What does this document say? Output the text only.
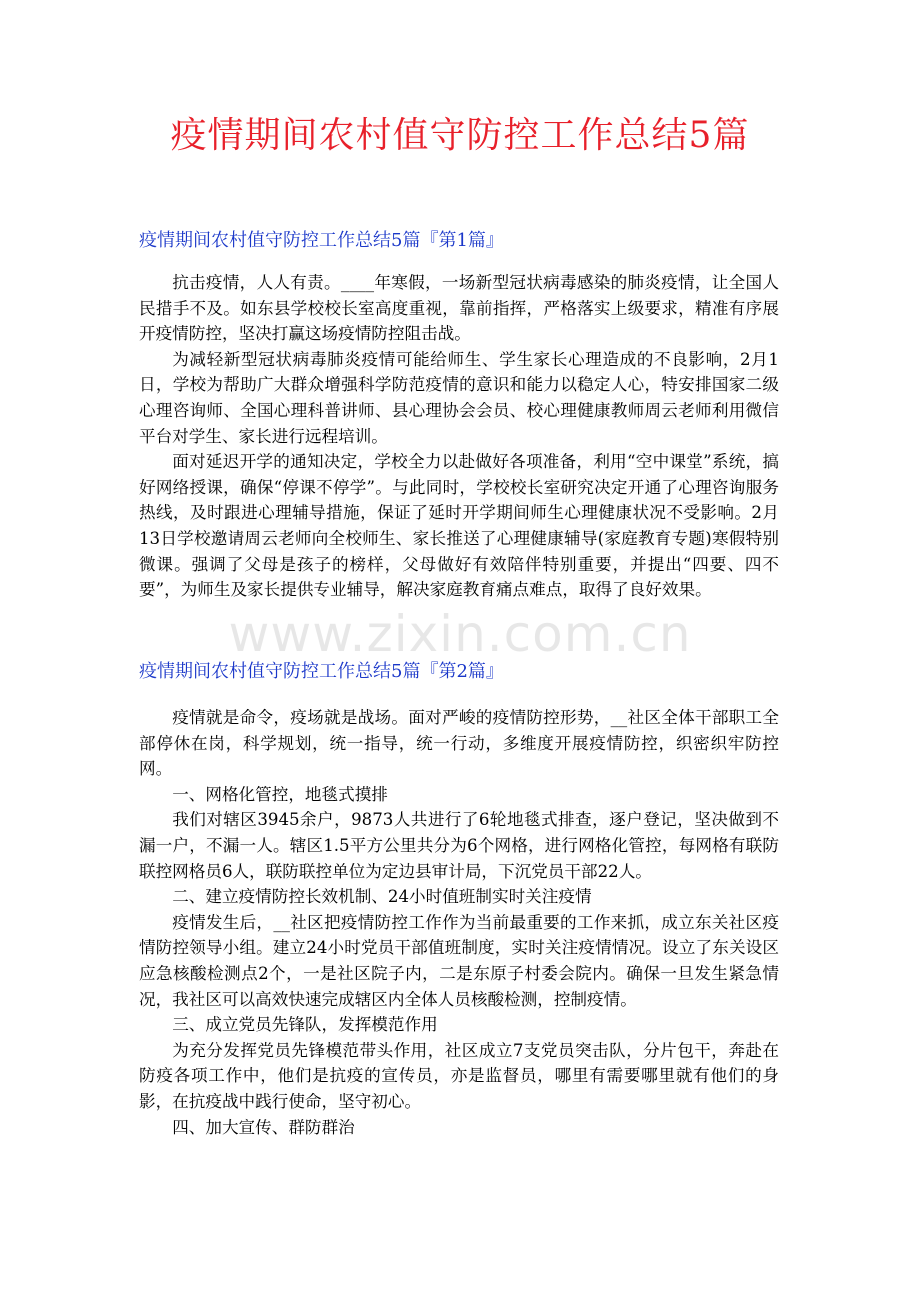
疫情期间农村值守防控工作总结5篇
疫情期间农村值守防控工作总结5篇『第1篇』

抗击疫情，人人有责。____年寒假，一场新型冠状病毒感染的肺炎疫情，让全国人民措手不及。如东县学校校长室高度重视，靠前指挥，严格落实上级要求，精准有序展开疫情防控，坚决打赢这场疫情防控阻击战。

为减轻新型冠状病毒肺炎疫情可能给师生、学生家长心理造成的不良影响，2月1日，学校为帮助广大群众增强科学防范疫情的意识和能力以稳定人心，特安排国家二级心理咨询师、全国心理科普讲师、县心理协会会员、校心理健康教师周云老师利用微信平台对学生、家长进行远程培训。

面对延迟开学的通知决定，学校全力以赴做好各项准备，利用“空中课堂”系统，搞好网络授课，确保“停课不停学”。与此同时，学校校长室研究决定开通了心理咨询服务热线，及时跟进心理辅导措施，保证了延时开学期间师生心理健康状况不受影响。2月13日学校邀请周云老师向全校师生、家长推送了心理健康辅导(家庭教育专题)寒假特别微课。强调了父母是孩子的榜样，父母做好有效陪伴特别重要，并提出“四要、四不要”，为师生及家长提供专业辅导，解决家庭教育痛点难点，取得了良好效果。

www.zixin.com.cn
疫情期间农村值守防控工作总结5篇『第2篇』

疫情就是命令，疫场就是战场。面对严峻的疫情防控形势，__社区全体干部职工全部停休在岗，科学规划，统一指导，统一行动，多维度开展疫情防控，织密织牢防控网。

一、网格化管控，地毯式摸排

我们对辖区3945余户，9873人共进行了6轮地毯式排查，逐户登记，坚决做到不漏一户，不漏一人。辖区1.5平方公里共分为6个网格，进行网格化管控，每网格有联防联控网格员6人，联防联控单位为定边县审计局，下沉党员干部22人。

二、建立疫情防控长效机制、24小时值班制实时关注疫情

疫情发生后，__社区把疫情防控工作作为当前最重要的工作来抓，成立东关社区疫情防控领导小组。建立24小时党员干部值班制度，实时关注疫情情况。设立了东关设区应急核酸检测点2个，一是社区院子内，二是东原子村委会院内。确保一旦发生紧急情况，我社区可以高效快速完成辖区内全体人员核酸检测，控制疫情。

三、成立党员先锋队，发挥模范作用

为充分发挥党员先锋模范带头作用，社区成立7支党员突击队，分片包干，奔赴在防疫各项工作中，他们是抗疫的宣传员，亦是监督员，哪里有需要哪里就有他们的身影，在抗疫战中践行使命，坚守初心。

四、加大宣传、群防群治
